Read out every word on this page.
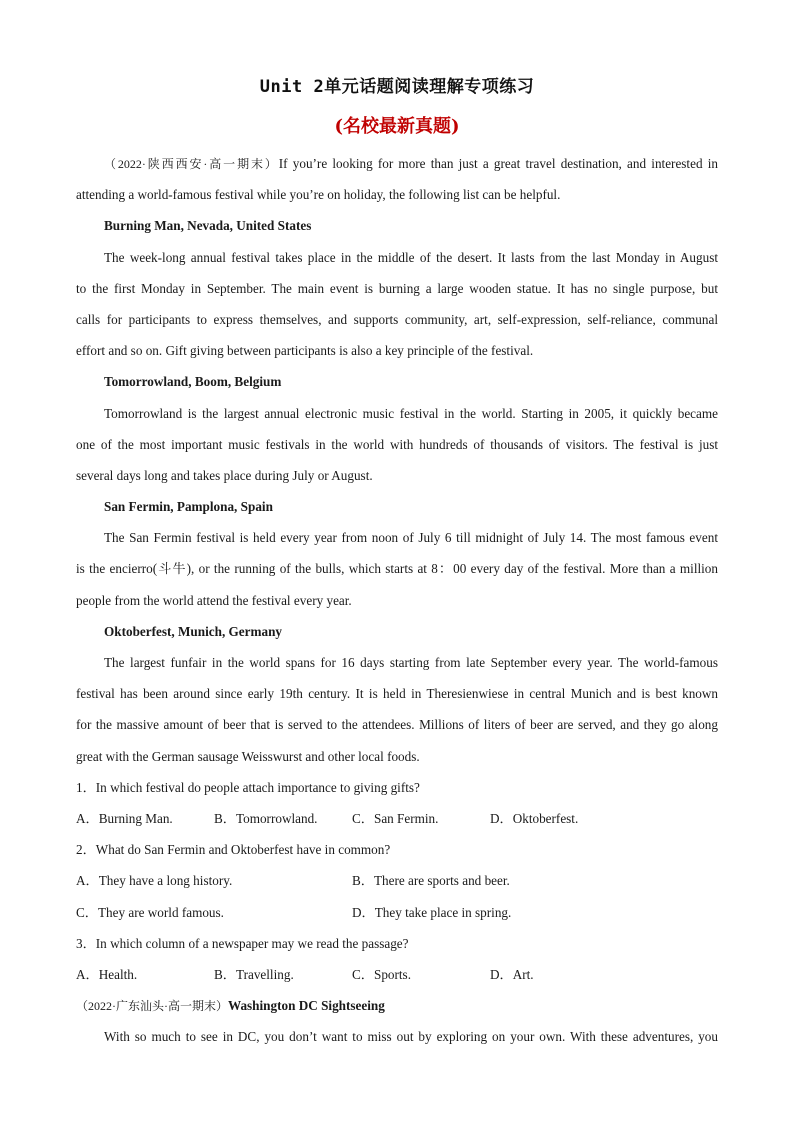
Unit 2单元话题阅读理解专项练习
(名校最新真题)
（2022·陕西西安·高一期末）If you’re looking for more than just a great travel destination, and interested in
attending a world-famous festival while you’re on holiday, the following list can be helpful.
Burning Man, Nevada, United States
The week-long annual festival takes place in the middle of the desert. It lasts from the last Monday in August
to the first Monday in September. The main event is burning a large wooden statue. It has no single purpose, but
calls for participants to express themselves, and supports community, art, self-expression, self-reliance, communal
effort and so on. Gift giving between participants is also a key principle of the festival.
Tomorrowland, Boom, Belgium
Tomorrowland is the largest annual electronic music festival in the world. Starting in 2005, it quickly became
one of the most important music festivals in the world with hundreds of thousands of visitors. The festival is just
several days long and takes place during July or August.
San Fermin, Pamplona, Spain
The San Fermin festival is held every year from noon of July 6 till midnight of July 14. The most famous event
is the encierro(斗牛), or the running of the bulls, which starts at 8：00 every day of the festival. More than a million
people from the world attend the festival every year.
Oktoberfest, Munich, Germany
The largest funfair in the world spans for 16 days starting from late September every year. The world-famous
festival has been around since early 19th century. It is held in Theresienwiese in central Munich and is best known
for the massive amount of beer that is served to the attendees. Millions of liters of beer are served, and they go along
great with the German sausage Weisswurst and other local foods.
1．In which festival do people attach importance to giving gifts?
A．Burning Man.	B．Tomorrowland.	C．San Fermin.	D．Oktoberfest.
2．What do San Fermin and Oktoberfest have in common?
A．They have a long history.	B．There are sports and beer.
C．They are world famous.	D．They take place in spring.
3．In which column of a newspaper may we read the passage?
A．Health.	B．Travelling.	C．Sports.	D．Art.
（2022·广东汕头·高一期末）Washington DC Sightseeing
With so much to see in DC, you don’t want to miss out by exploring on your own. With these adventures, you
